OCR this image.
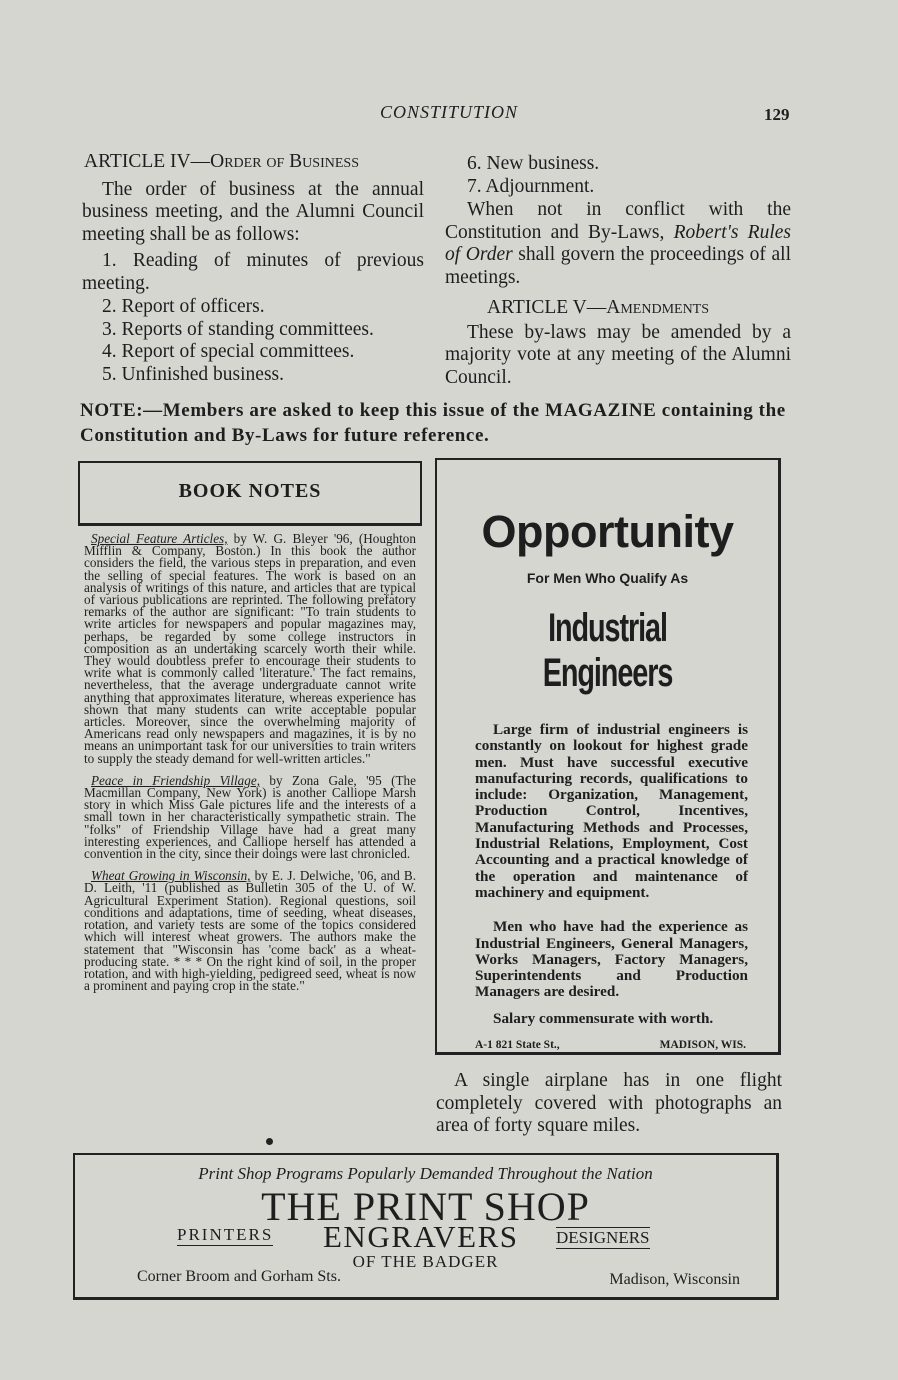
CONSTITUTION	129

ARTICLE IV—Order of Business

The order of business at the annual business meeting, and the Alumni Council meeting shall be as follows:

1. Reading of minutes of previous meeting.

2. Report of officers.

3. Reports of standing committees.

4. Report of special committees.

5. Unfinished business.

6. New business.

7. Adjournment.

When not in conflict with the Constitution and By-Laws, Robert's Rules of Order shall govern the proceedings of all meetings.

ARTICLE V—Amendments

These by-laws may be amended by a majority vote at any meeting of the Alumni Council.

NOTE:—Members are asked to keep this issue of the MAGAZINE containing the Constitution and By-Laws for future reference.
BOOK NOTES

Special Feature Articles, by W. G. Bleyer '96, (Houghton Mifflin & Company, Boston.) In this book the author considers the field, the various steps in preparation, and even the selling of special features. The work is based on an analysis of writings of this nature, and articles that are typical of various publications are reprinted. The following prefatory remarks of the author are significant: "To train students to write articles for newspapers and popular magazines may, perhaps, be regarded by some college instructors in composition as an undertaking scarcely worth their while. They would doubtless prefer to encourage their students to write what is commonly called 'literature.' The fact remains, nevertheless, that the average undergraduate cannot write anything that approximates literature, whereas experience has shown that many students can write acceptable popular articles. Moreover, since the overwhelming majority of Americans read only newspapers and magazines, it is by no means an unimportant task for our universities to train writers to supply the steady demand for well-written articles."

Peace in Friendship Village, by Zona Gale, '95 (The Macmillan Company, New York) is another Calliope Marsh story in which Miss Gale pictures life and the interests of a small town in her characteristically sympathetic strain. The "folks" of Friendship Village have had a great many interesting experiences, and Calliope herself has attended a convention in the city, since their doings were last chronicled.

Wheat Growing in Wisconsin, by E. J. Delwiche, '06, and B. D. Leith, '11 (published as Bulletin 305 of the U. of W. Agricultural Experiment Station). Regional questions, soil conditions and adaptations, time of seeding, wheat diseases, rotation, and variety tests are some of the topics considered which will interest wheat growers. The authors make the statement that "Wisconsin has 'come back' as a wheat-producing state. * * * On the right kind of soil, in the proper rotation, and with high-yielding, pedigreed seed, wheat is now a prominent and paying crop in the state."

Opportunity
For Men Who Qualify As
Industrial Engineers

Large firm of industrial engineers is constantly on lookout for highest grade men. Must have successful executive manufacturing records, qualifications to include: Organization, Management, Production Control, Incentives, Manufacturing Methods and Processes, Industrial Relations, Employment, Cost Accounting and a practical knowledge of the operation and maintenance of machinery and equipment.

Men who have had the experience as Industrial Engineers, General Managers, Works Managers, Factory Managers, Superintendents and Production Managers are desired.

Salary commensurate with worth.

A-1 821 State St.,	MADISON, WIS.
A single airplane has in one flight completely covered with photographs an area of forty square miles.
Print Shop Programs Popularly Demanded Throughout the Nation
THE PRINT SHOP
PRINTERS ENGRAVERS DESIGNERS
OF THE BADGER
Corner Broom and Gorham Sts.	Madison, Wisconsin
